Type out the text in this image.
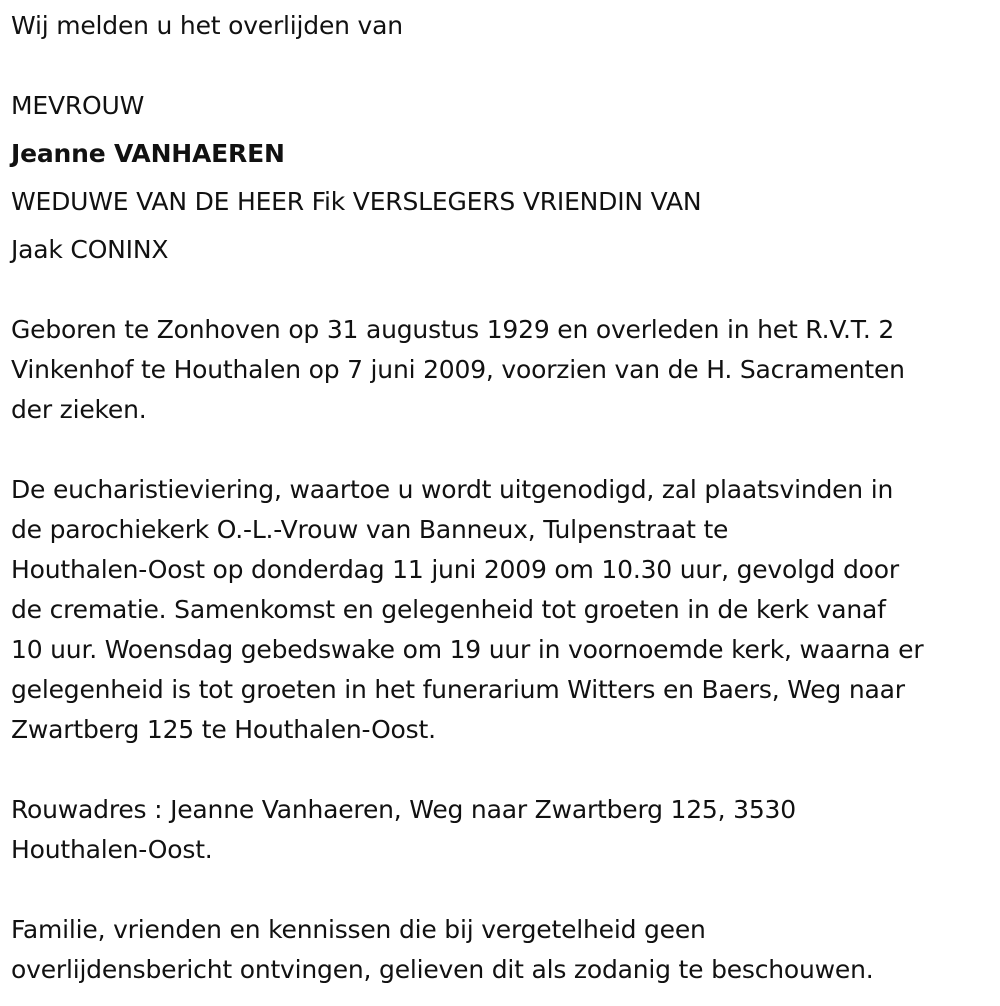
Wij melden u het overlijden van
MEVROUW
Jeanne VANHAEREN
WEDUWE VAN DE HEER Fik VERSLEGERS VRIENDIN VAN
Jaak CONINX
Geboren te Zonhoven op 31 augustus 1929 en overleden in het R.V.T. 2
Vinkenhof te Houthalen op 7 juni 2009, voorzien van de H. Sacramenten
der zieken.
De eucharistieviering, waartoe u wordt uitgenodigd, zal plaatsvinden in
de parochiekerk O.-L.-Vrouw van Banneux, Tulpenstraat te
Houthalen-Oost op donderdag 11 juni 2009 om 10.30 uur, gevolgd door
de crematie. Samenkomst en gelegenheid tot groeten in de kerk vanaf
10 uur. Woensdag gebedswake om 19 uur in voornoemde kerk, waarna er
gelegenheid is tot groeten in het funerarium Witters en Baers, Weg naar
Zwartberg 125 te Houthalen-Oost.
Rouwadres : Jeanne Vanhaeren, Weg naar Zwartberg 125, 3530
Houthalen-Oost.
Familie, vrienden en kennissen die bij vergetelheid geen
overlijdensbericht ontvingen, gelieven dit als zodanig te beschouwen.
